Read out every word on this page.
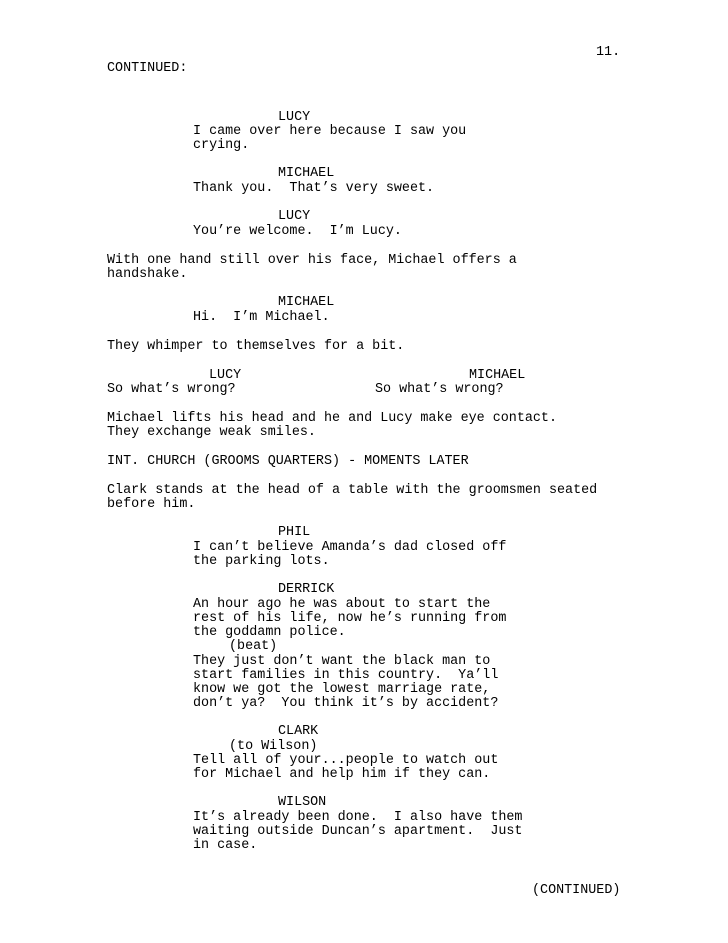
11.
CONTINUED:
LUCY
I came over here because I saw you
crying.
MICHAEL
Thank you.  That’s very sweet.
LUCY
You’re welcome.  I’m Lucy.
With one hand still over his face, Michael offers a
handshake.
MICHAEL
Hi.  I’m Michael.
They whimper to themselves for a bit.
LUCY	MICHAEL
So what’s wrong?	So what’s wrong?
Michael lifts his head and he and Lucy make eye contact.
They exchange weak smiles.
INT. CHURCH (GROOMS QUARTERS) - MOMENTS LATER
Clark stands at the head of a table with the groomsmen seated
before him.
PHIL
I can’t believe Amanda’s dad closed off
the parking lots.
DERRICK
An hour ago he was about to start the
rest of his life, now he’s running from
the goddamn police.
(beat)
They just don’t want the black man to
start families in this country.  Ya’ll
know we got the lowest marriage rate,
don’t ya?  You think it’s by accident?
CLARK
(to Wilson)
Tell all of your...people to watch out
for Michael and help him if they can.
WILSON
It’s already been done.  I also have them
waiting outside Duncan’s apartment.  Just
in case.
(CONTINUED)
